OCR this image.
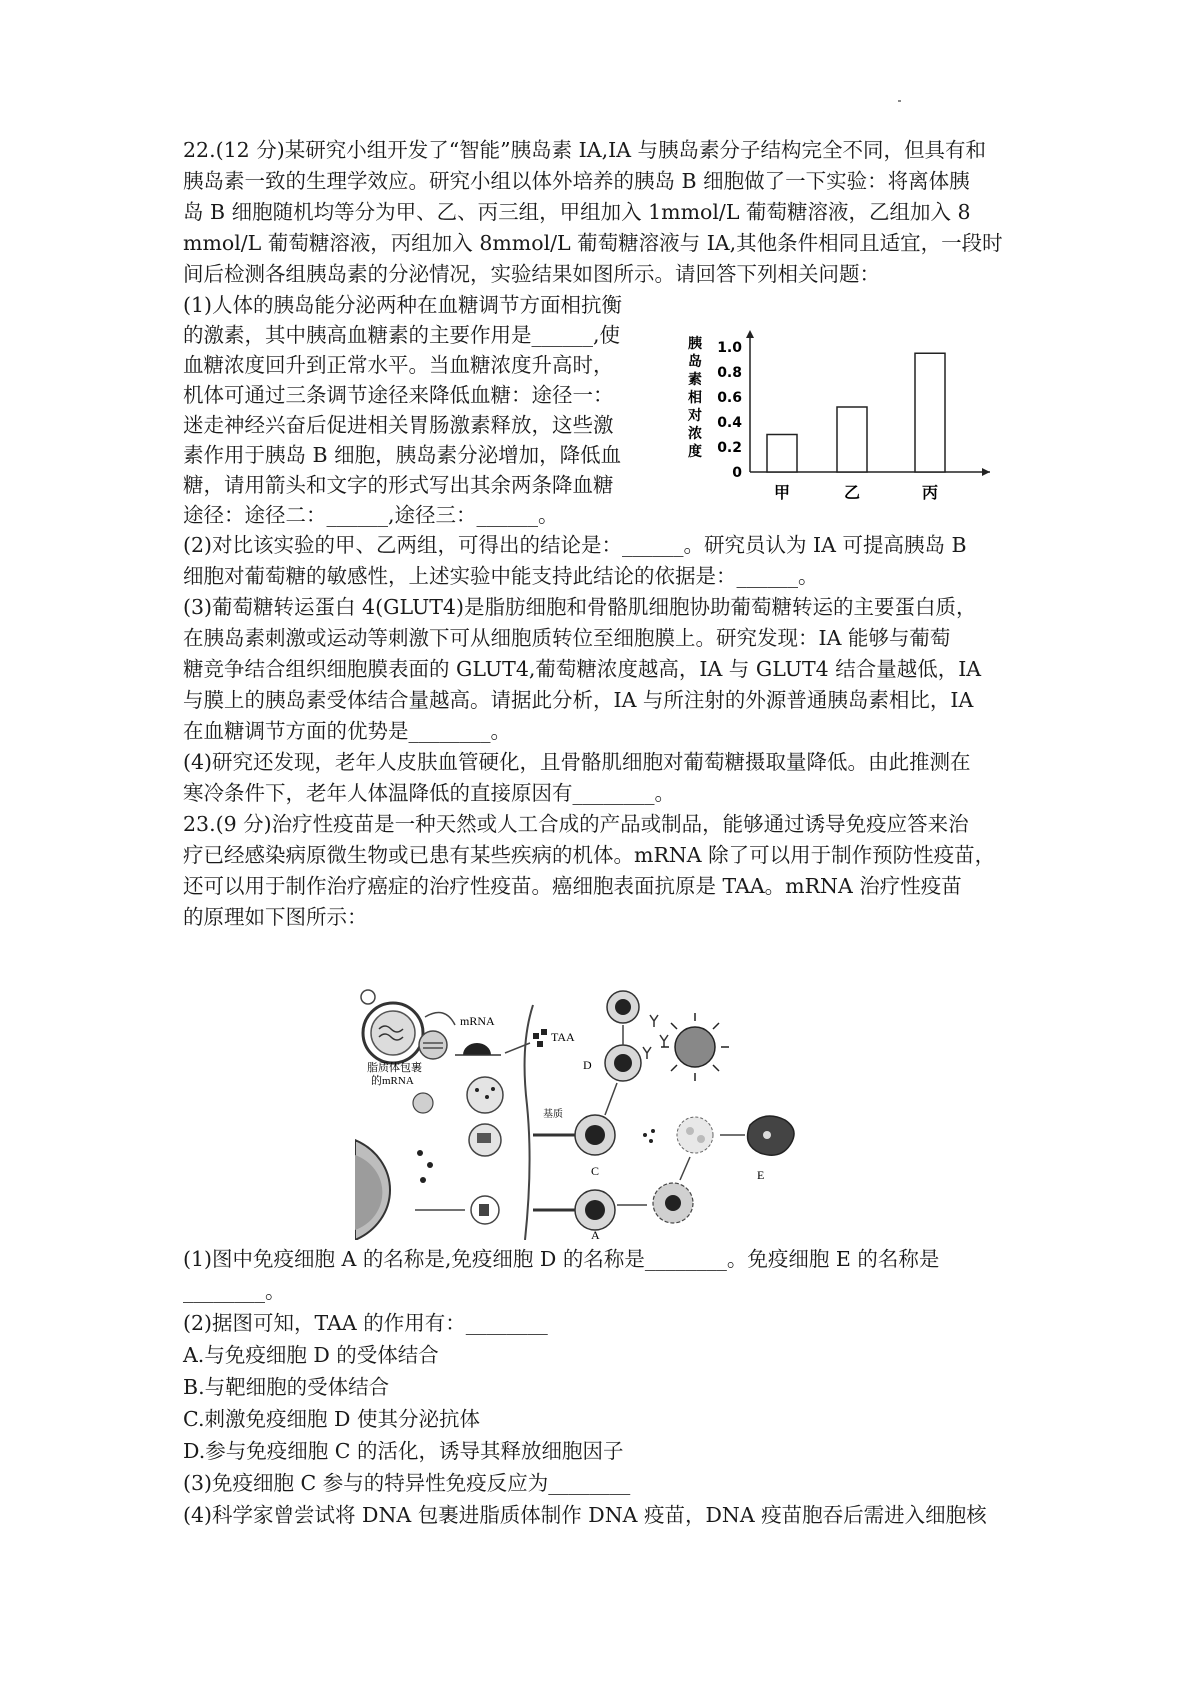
22.(12 分)某研究小组开发了“智能”胰岛素 IA,IA 与胰岛素分子结构完全不同，但具有和
胰岛素一致的生理学效应。研究小组以体外培养的胰岛 B 细胞做了一下实验：将离体胰
岛 B 细胞随机均等分为甲、乙、丙三组，甲组加入 1mmol/L 葡萄糖溶液，乙组加入 8
mmol/L 葡萄糖溶液，丙组加入 8mmol/L 葡萄糖溶液与 IA,其他条件相同且适宜，一段时
间后检测各组胰岛素的分泌情况，实验结果如图所示。请回答下列相关问题：
(1)人体的胰岛能分泌两种在血糖调节方面相抗衡
的激素，其中胰高血糖素的主要作用是______,使
血糖浓度回升到正常水平。当血糖浓度升高时，
机体可通过三条调节途径来降低血糖：途径一：
迷走神经兴奋后促进相关胃肠激素释放，这些激
素作用于胰岛 B 细胞，胰岛素分泌增加，降低血
糖，请用箭头和文字的形式写出其余两条降血糖
途径：途径二：______,途径三：______。
胰
岛
素
相
对
浓
度
1.0
0.8
0.6
0.4
0.2
0
甲	乙	丙
(2)对比该实验的甲、乙两组，可得出的结论是：______。研究员认为 IA 可提高胰岛 B
细胞对葡萄糖的敏感性，上述实验中能支持此结论的依据是：______。
(3)葡萄糖转运蛋白 4(GLUT4)是脂肪细胞和骨骼肌细胞协助葡萄糖转运的主要蛋白质，
在胰岛素刺激或运动等刺激下可从细胞质转位至细胞膜上。研究发现：IA 能够与葡萄
糖竞争结合组织细胞膜表面的 GLUT4,葡萄糖浓度越高，IA 与 GLUT4 结合量越低，IA
与膜上的胰岛素受体结合量越高。请据此分析，IA 与所注射的外源普通胰岛素相比，IA
在血糖调节方面的优势是________。
(4)研究还发现，老年人皮肤血管硬化，且骨骼肌细胞对葡萄糖摄取量降低。由此推测在
寒冷条件下，老年人体温降低的直接原因有________。
23.(9 分)治疗性疫苗是一种天然或人工合成的产品或制品，能够通过诱导免疫应答来治
疗已经感染病原微生物或已患有某些疾病的机体。mRNA 除了可以用于制作预防性疫苗，
还可以用于制作治疗癌症的治疗性疫苗。癌细胞表面抗原是 TAA。mRNA 治疗性疫苗
的原理如下图所示：
脂质体包裹
的mRNA
mRNA
TAA
基质
C
A
D
E
(1)图中免疫细胞 A 的名称是,免疫细胞 D 的名称是________。免疫细胞 E 的名称是
________。
(2)据图可知，TAA 的作用有：________
A.与免疫细胞 D 的受体结合
B.与靶细胞的受体结合
C.刺激免疫细胞 D 使其分泌抗体
D.参与免疫细胞 C 的活化，诱导其释放细胞因子
(3)免疫细胞 C 参与的特异性免疫反应为________
(4)科学家曾尝试将 DNA 包裹进脂质体制作 DNA 疫苗，DNA 疫苗胞吞后需进入细胞核
